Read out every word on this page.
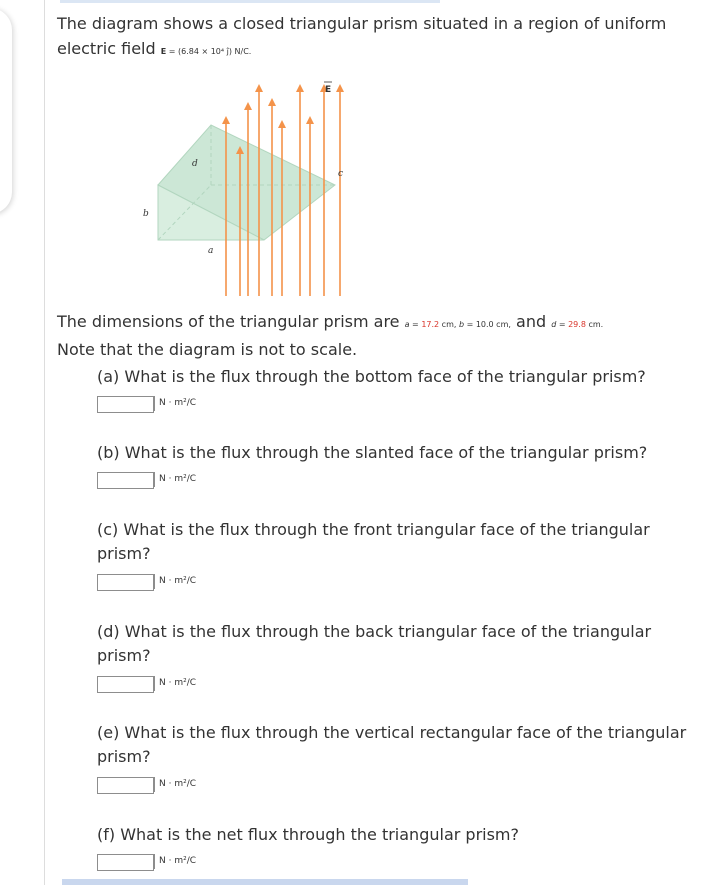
The diagram shows a closed triangular prism situated in a region of uniform electric field E = (6.84 × 10⁴ ĵ) N/C.
E
d
c
b
a
The dimensions of the triangular prism are a = 17.2 cm, b = 10.0 cm, and d = 29.8 cm.
Note that the diagram is not to scale.
(a) What is the flux through the bottom face of the triangular prism?
N · m²/C
(b) What is the flux through the slanted face of the triangular prism?
N · m²/C
(c) What is the flux through the front triangular face of the triangular prism?
N · m²/C
(d) What is the flux through the back triangular face of the triangular prism?
N · m²/C
(e) What is the flux through the vertical rectangular face of the triangular prism?
N · m²/C
(f) What is the net flux through the triangular prism?
N · m²/C
